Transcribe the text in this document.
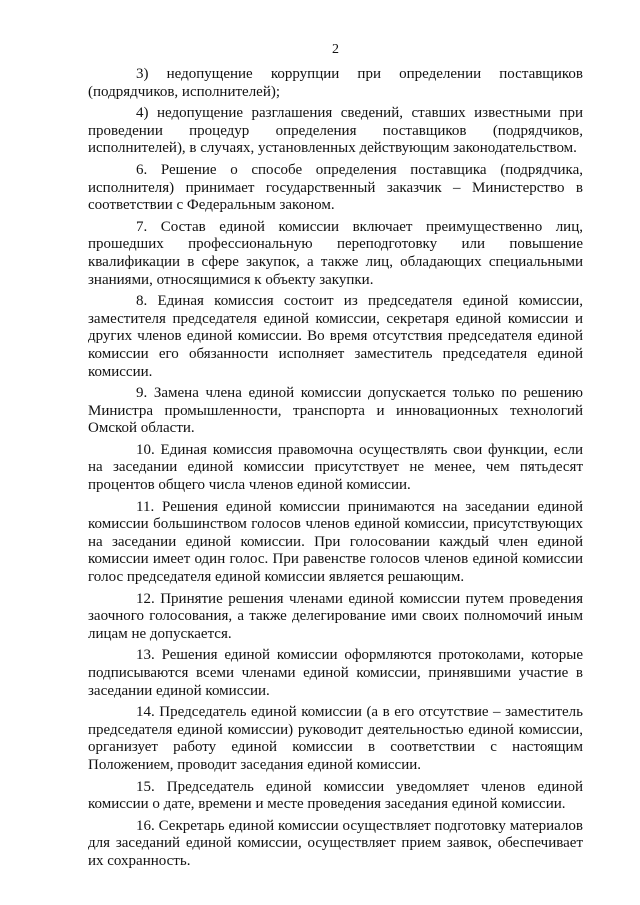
2

3) недопущение коррупции при определении поставщиков (подрядчиков, исполнителей);

4) недопущение разглашения сведений, ставших известными при проведении процедур определения поставщиков (подрядчиков, исполнителей), в случаях, установленных действующим законодательством.

6. Решение о способе определения поставщика (подрядчика, исполнителя) принимает государственный заказчик – Министерство в соответствии с Федеральным законом.

7. Состав единой комиссии включает преимущественно лиц, прошедших профессиональную переподготовку или повышение квалификации в сфере закупок, а также лиц, обладающих специальными знаниями, относящимися к объекту закупки.

8. Единая комиссия состоит из председателя единой комиссии, заместителя председателя единой комиссии, секретаря единой комиссии и других членов единой комиссии. Во время отсутствия председателя единой комиссии его обязанности исполняет заместитель председателя единой комиссии.

9. Замена члена единой комиссии допускается только по решению Министра промышленности, транспорта и инновационных технологий Омской области.

10. Единая комиссия правомочна осуществлять свои функции, если на заседании единой комиссии присутствует не менее, чем пятьдесят процентов общего числа членов единой комиссии.

11. Решения единой комиссии принимаются на заседании единой комиссии большинством голосов членов единой комиссии, присутствующих на заседании единой комиссии. При голосовании каждый член единой комиссии имеет один голос. При равенстве голосов членов единой комиссии голос председателя единой комиссии является решающим.

12. Принятие решения членами единой комиссии путем проведения заочного голосования, а также делегирование ими своих полномочий иным лицам не допускается.

13. Решения единой комиссии оформляются протоколами, которые подписываются всеми членами единой комиссии, принявшими участие в заседании единой комиссии.

14. Председатель единой комиссии (а в его отсутствие – заместитель председателя единой комиссии) руководит деятельностью единой комиссии, организует работу единой комиссии в соответствии с настоящим Положением, проводит заседания единой комиссии.

15. Председатель единой комиссии уведомляет членов единой комиссии о дате, времени и месте проведения заседания единой комиссии.

16. Секретарь единой комиссии осуществляет подготовку материалов для заседаний единой комиссии, осуществляет прием заявок, обеспечивает их сохранность.
